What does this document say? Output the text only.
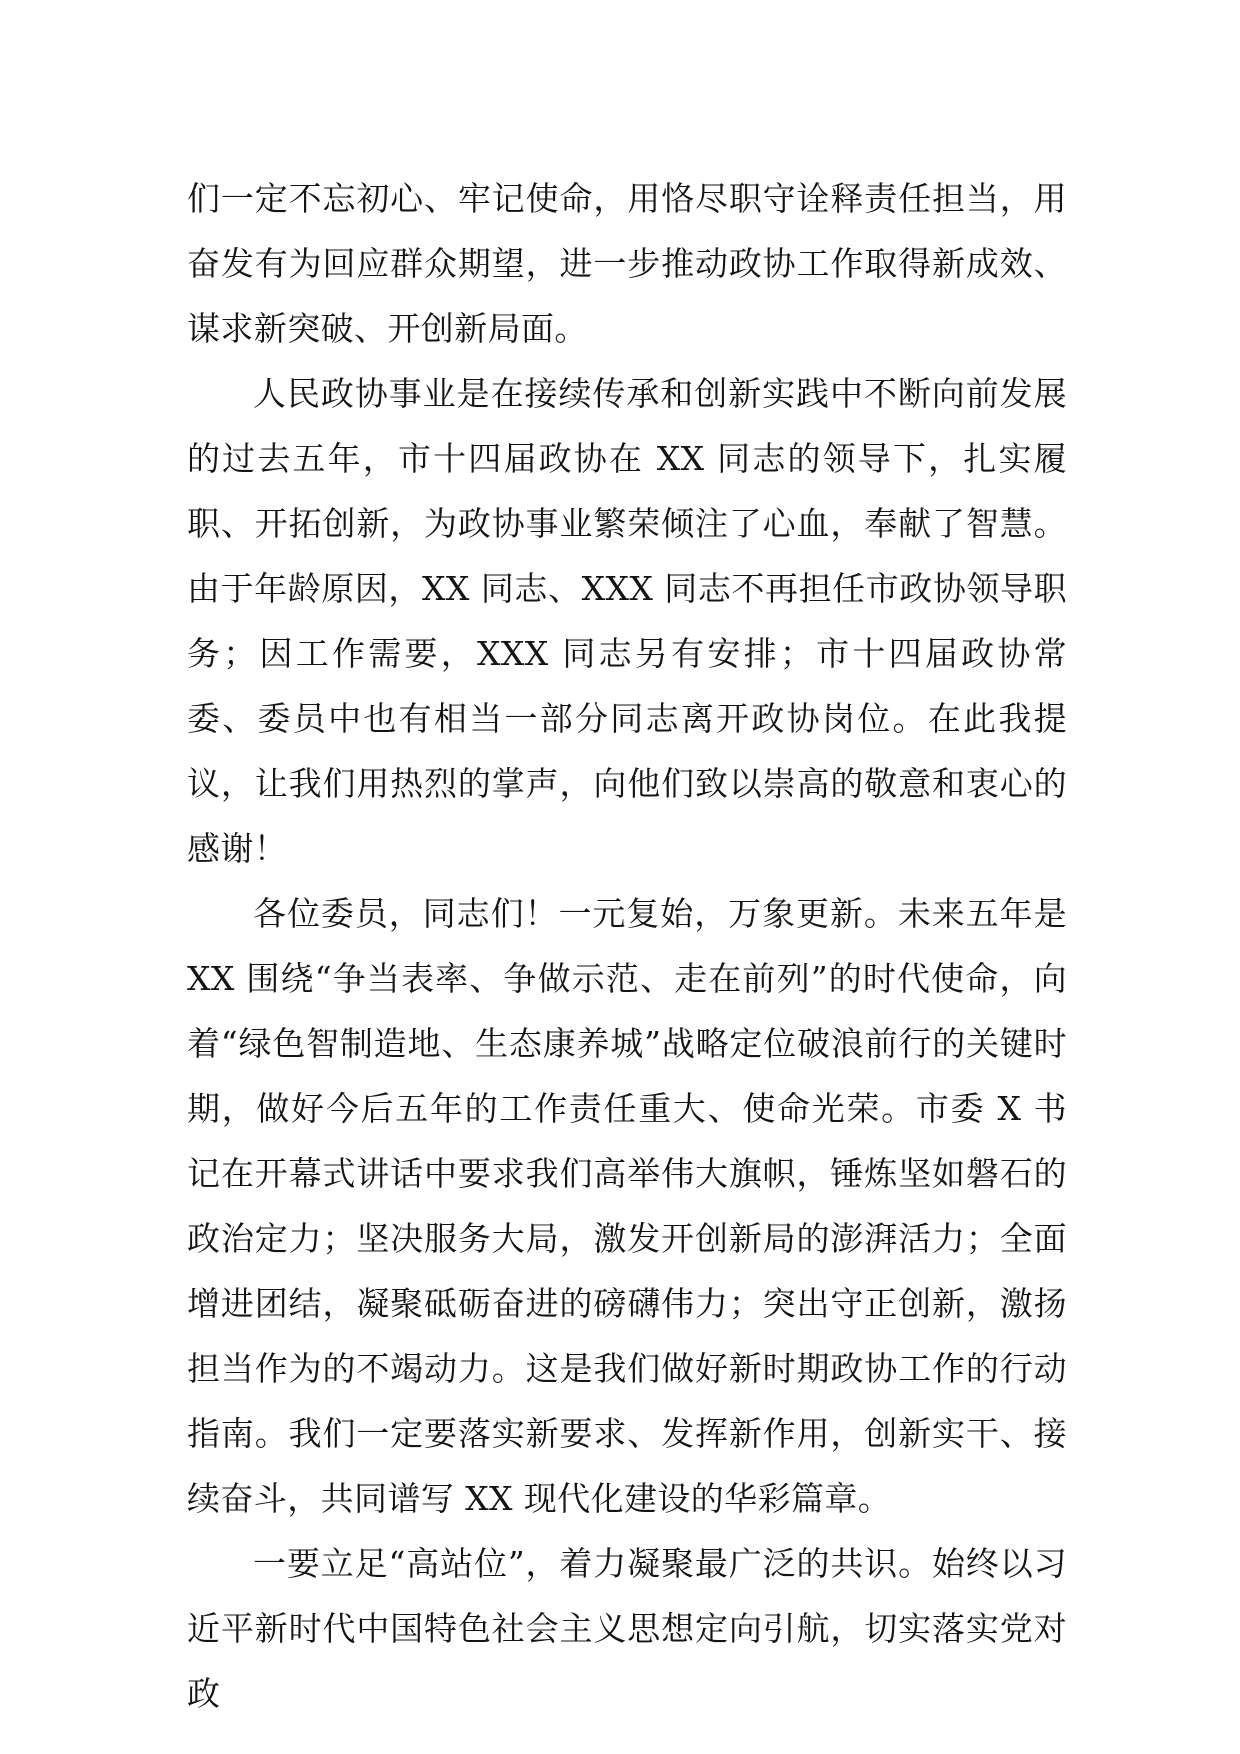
们一定不忘初心、牢记使命，用恪尽职守诠释责任担当，用奋发有为回应群众期望，进一步推动政协工作取得新成效、谋求新突破、开创新局面。

人民政协事业是在接续传承和创新实践中不断向前发展的过去五年，市十四届政协在 XX 同志的领导下，扎实履职、开拓创新，为政协事业繁荣倾注了心血，奉献了智慧。由于年龄原因，XX 同志、XXX 同志不再担任市政协领导职务；因工作需要，XXX 同志另有安排；市十四届政协常委、委员中也有相当一部分同志离开政协岗位。在此我提议，让我们用热烈的掌声，向他们致以崇高的敬意和衷心的感谢！

各位委员，同志们！一元复始，万象更新。未来五年是 XX 围绕“争当表率、争做示范、走在前列”的时代使命，向着“绿色智制造地、生态康养城”战略定位破浪前行的关键时期，做好今后五年的工作责任重大、使命光荣。市委 X 书记在开幕式讲话中要求我们高举伟大旗帜，锤炼坚如磐石的政治定力；坚决服务大局，激发开创新局的澎湃活力；全面增进团结，凝聚砥砺奋进的磅礴伟力；突出守正创新，激扬担当作为的不竭动力。这是我们做好新时期政协工作的行动指南。我们一定要落实新要求、发挥新作用，创新实干、接续奋斗，共同谱写 XX 现代化建设的华彩篇章。

一要立足“高站位”，着力凝聚最广泛的共识。始终以习近平新时代中国特色社会主义思想定向引航，切实落实党对政
